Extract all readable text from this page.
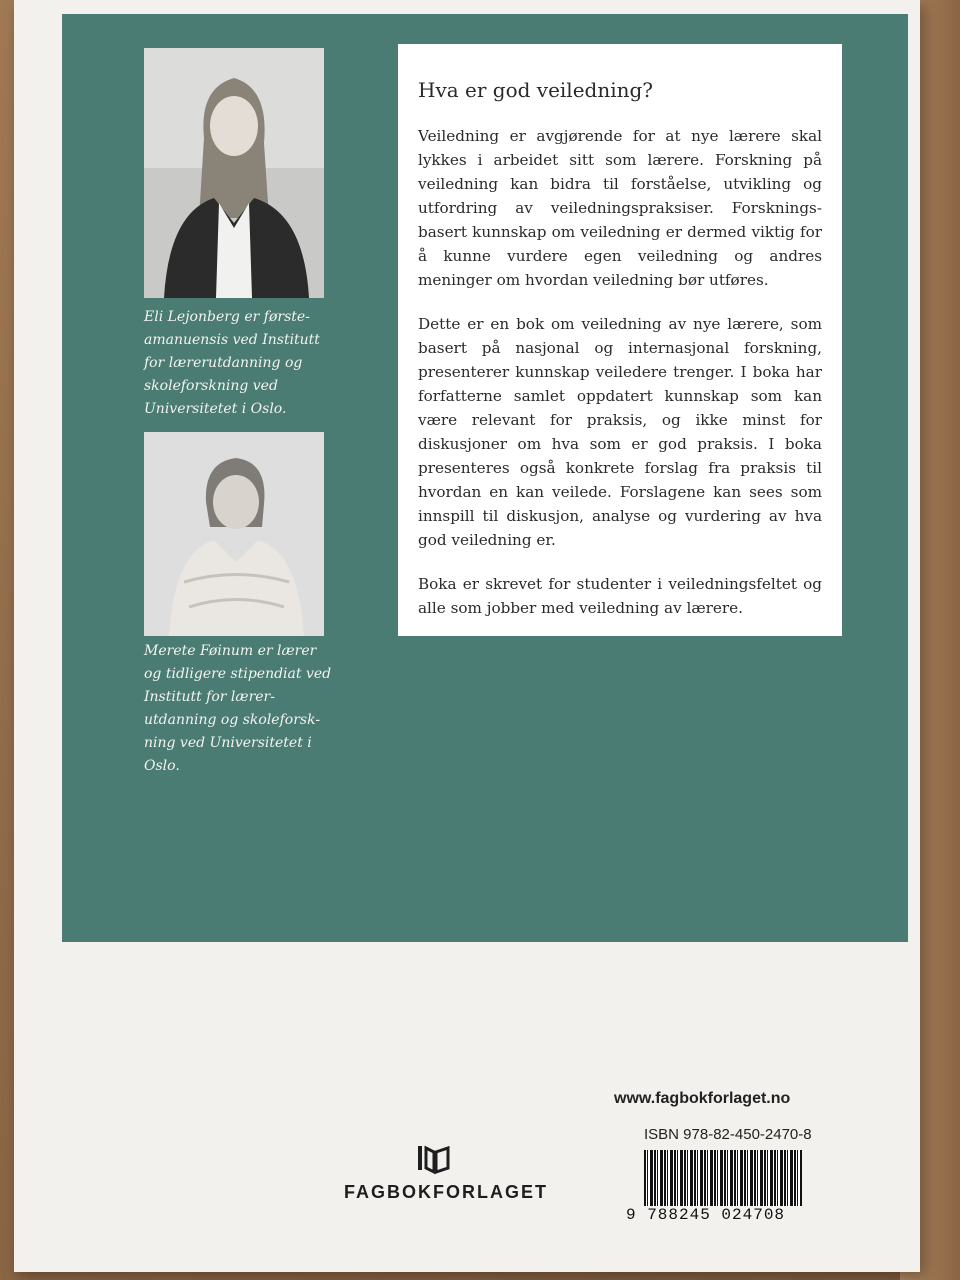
Eli Lejonberg er første-amanuensis ved Institutt for lærerutdanning og skoleforskning ved Universitetet i Oslo.
Merete Føinum er lærer og tidligere stipendiat ved Institutt for lærer-utdanning og skoleforsk-ning ved Universitetet i Oslo.

Hva er god veiledning?

Veiledning er avgjørende for at nye lærere skal lykkes i arbeidet sitt som lærere. Forskning på veiledning kan bidra til forståelse, utvikling og utfordring av veiledningspraksiser. Forsknings-basert kunnskap om veiledning er dermed viktig for å kunne vurdere egen veiledning og andres meninger om hvordan veiledning bør utføres.

Dette er en bok om veiledning av nye lærere, som basert på nasjonal og internasjonal forskning, presenterer kunnskap veiledere trenger. I boka har forfatterne samlet oppdatert kunnskap som kan være relevant for praksis, og ikke minst for diskusjoner om hva som er god praksis. I boka presenteres også konkrete forslag fra praksis til hvordan en kan veilede. Forslagene kan sees som innspill til diskusjon, analyse og vurdering av hva god veiledning er.

Boka er skrevet for studenter i veiledningsfeltet og alle som jobber med veiledning av lærere.

www.fagbokforlaget.no
ISBN 978-82-450-2470-8
9 788245 024708
FAGBOKFORLAGET
